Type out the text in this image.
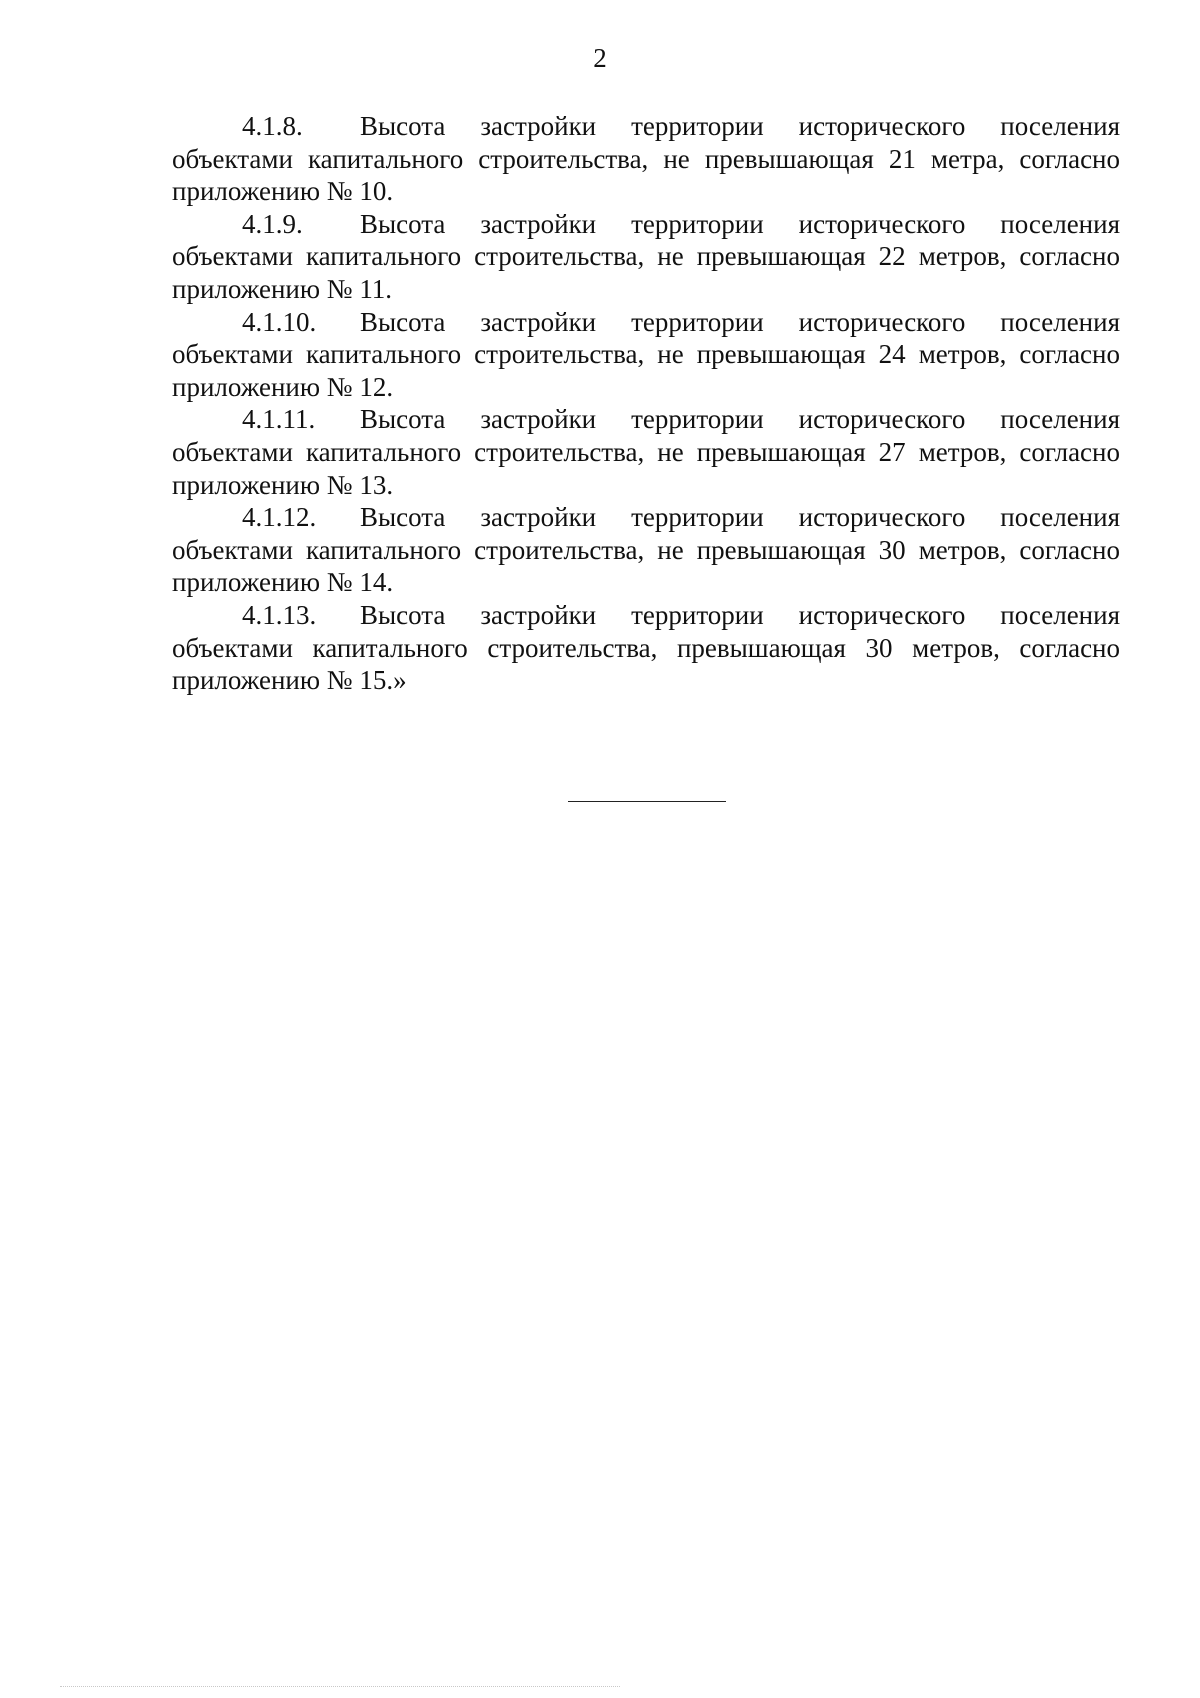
2

4.1.8. Высота застройки территории исторического поселения объектами капитального строительства, не превышающая 21 метра, согласно приложению № 10.

4.1.9. Высота застройки территории исторического поселения объектами капитального строительства, не превышающая 22 метров, согласно приложению № 11.

4.1.10. Высота застройки территории исторического поселения объектами капитального строительства, не превышающая 24 метров, согласно приложению № 12.

4.1.11. Высота застройки территории исторического поселения объектами капитального строительства, не превышающая 27 метров, согласно приложению № 13.

4.1.12. Высота застройки территории исторического поселения объектами капитального строительства, не превышающая 30 метров, согласно приложению № 14.

4.1.13. Высота застройки территории исторического поселения объектами капитального строительства, превышающая 30 метров, согласно приложению № 15.»
